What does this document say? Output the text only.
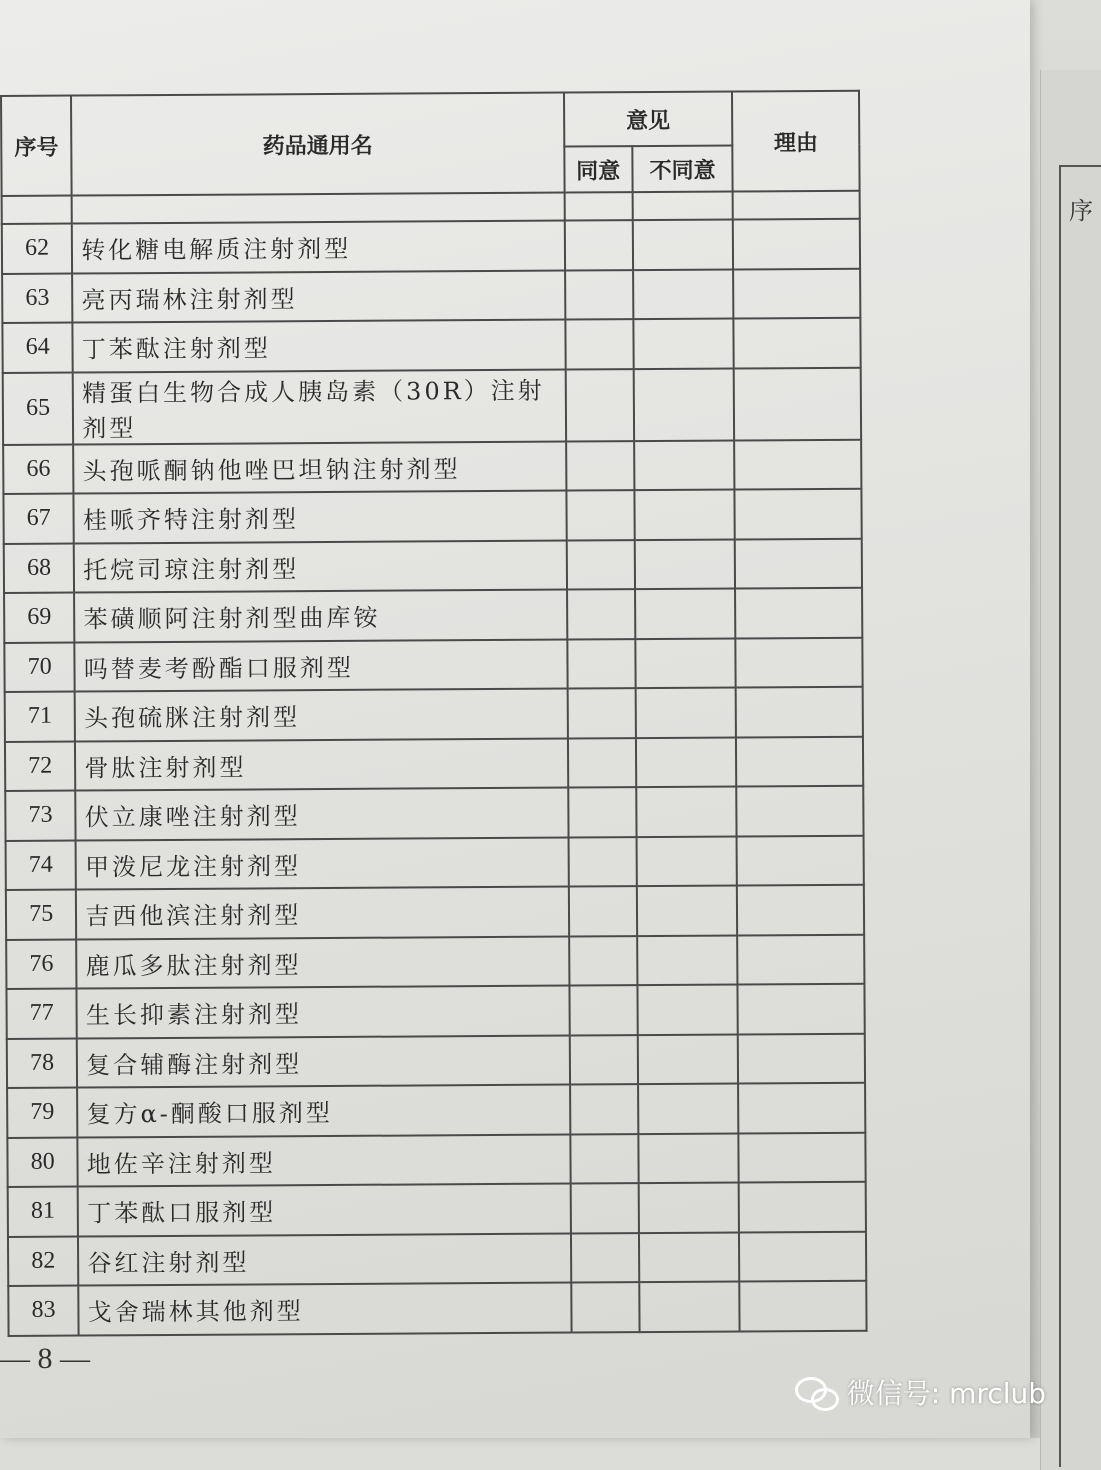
序号	药品通用名	意见		理由
		同意	不同意	

62	转化糖电解质注射剂型			
63	亮丙瑞林注射剂型			
64	丁苯酞注射剂型			
65	精蛋白生物合成人胰岛素（30R）注射剂型			
66	头孢哌酮钠他唑巴坦钠注射剂型			
67	桂哌齐特注射剂型			
68	托烷司琼注射剂型			
69	苯磺顺阿注射剂型曲库铵			
70	吗替麦考酚酯口服剂型			
71	头孢硫脒注射剂型			
72	骨肽注射剂型			
73	伏立康唑注射剂型			
74	甲泼尼龙注射剂型			
75	吉西他滨注射剂型			
76	鹿瓜多肽注射剂型			
77	生长抑素注射剂型			
78	复合辅酶注射剂型			
79	复方α-酮酸口服剂型			
80	地佐辛注射剂型			
81	丁苯酞口服剂型			
82	谷红注射剂型			
83	戈舍瑞林其他剂型			
— 8 —
序
微信号: mrclub
